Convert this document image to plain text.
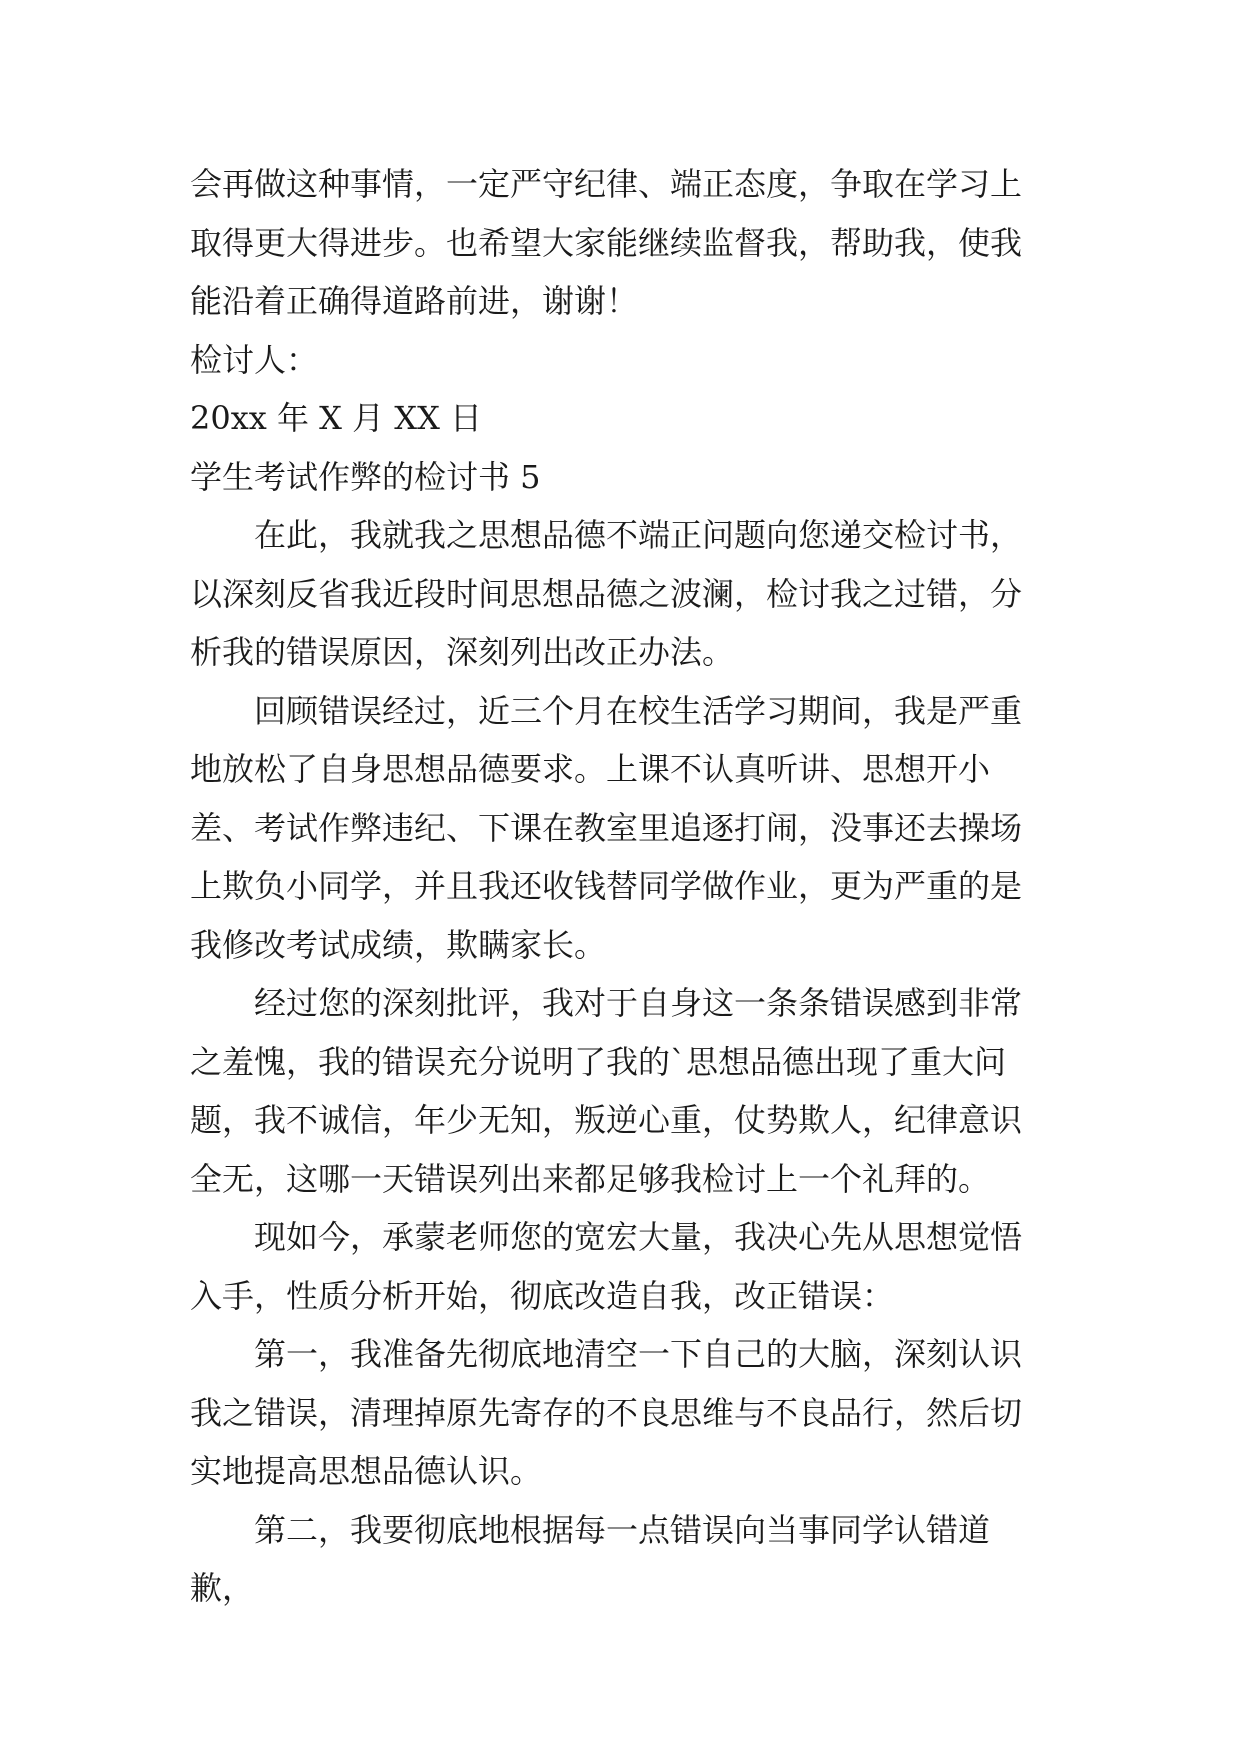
会再做这种事情，一定严守纪律、端正态度，争取在学习上取得更大得进步。也希望大家能继续监督我，帮助我，使我能沿着正确得道路前进，谢谢！

检讨人：

20xx 年 X 月 XX 日

学生考试作弊的检讨书 5

在此，我就我之思想品德不端正问题向您递交检讨书，以深刻反省我近段时间思想品德之波澜，检讨我之过错，分析我的错误原因，深刻列出改正办法。

回顾错误经过，近三个月在校生活学习期间，我是严重地放松了自身思想品德要求。上课不认真听讲、思想开小差、考试作弊违纪、下课在教室里追逐打闹，没事还去操场上欺负小同学，并且我还收钱替同学做作业，更为严重的是我修改考试成绩，欺瞒家长。

经过您的深刻批评，我对于自身这一条条错误感到非常之羞愧，我的错误充分说明了我的`思想品德出现了重大问题，我不诚信，年少无知，叛逆心重，仗势欺人，纪律意识全无，这哪一天错误列出来都足够我检讨上一个礼拜的。

现如今，承蒙老师您的宽宏大量，我决心先从思想觉悟入手，性质分析开始，彻底改造自我，改正错误：

第一，我准备先彻底地清空一下自己的大脑，深刻认识我之错误，清理掉原先寄存的不良思维与不良品行，然后切实地提高思想品德认识。

第二，我要彻底地根据每一点错误向当事同学认错道歉，
